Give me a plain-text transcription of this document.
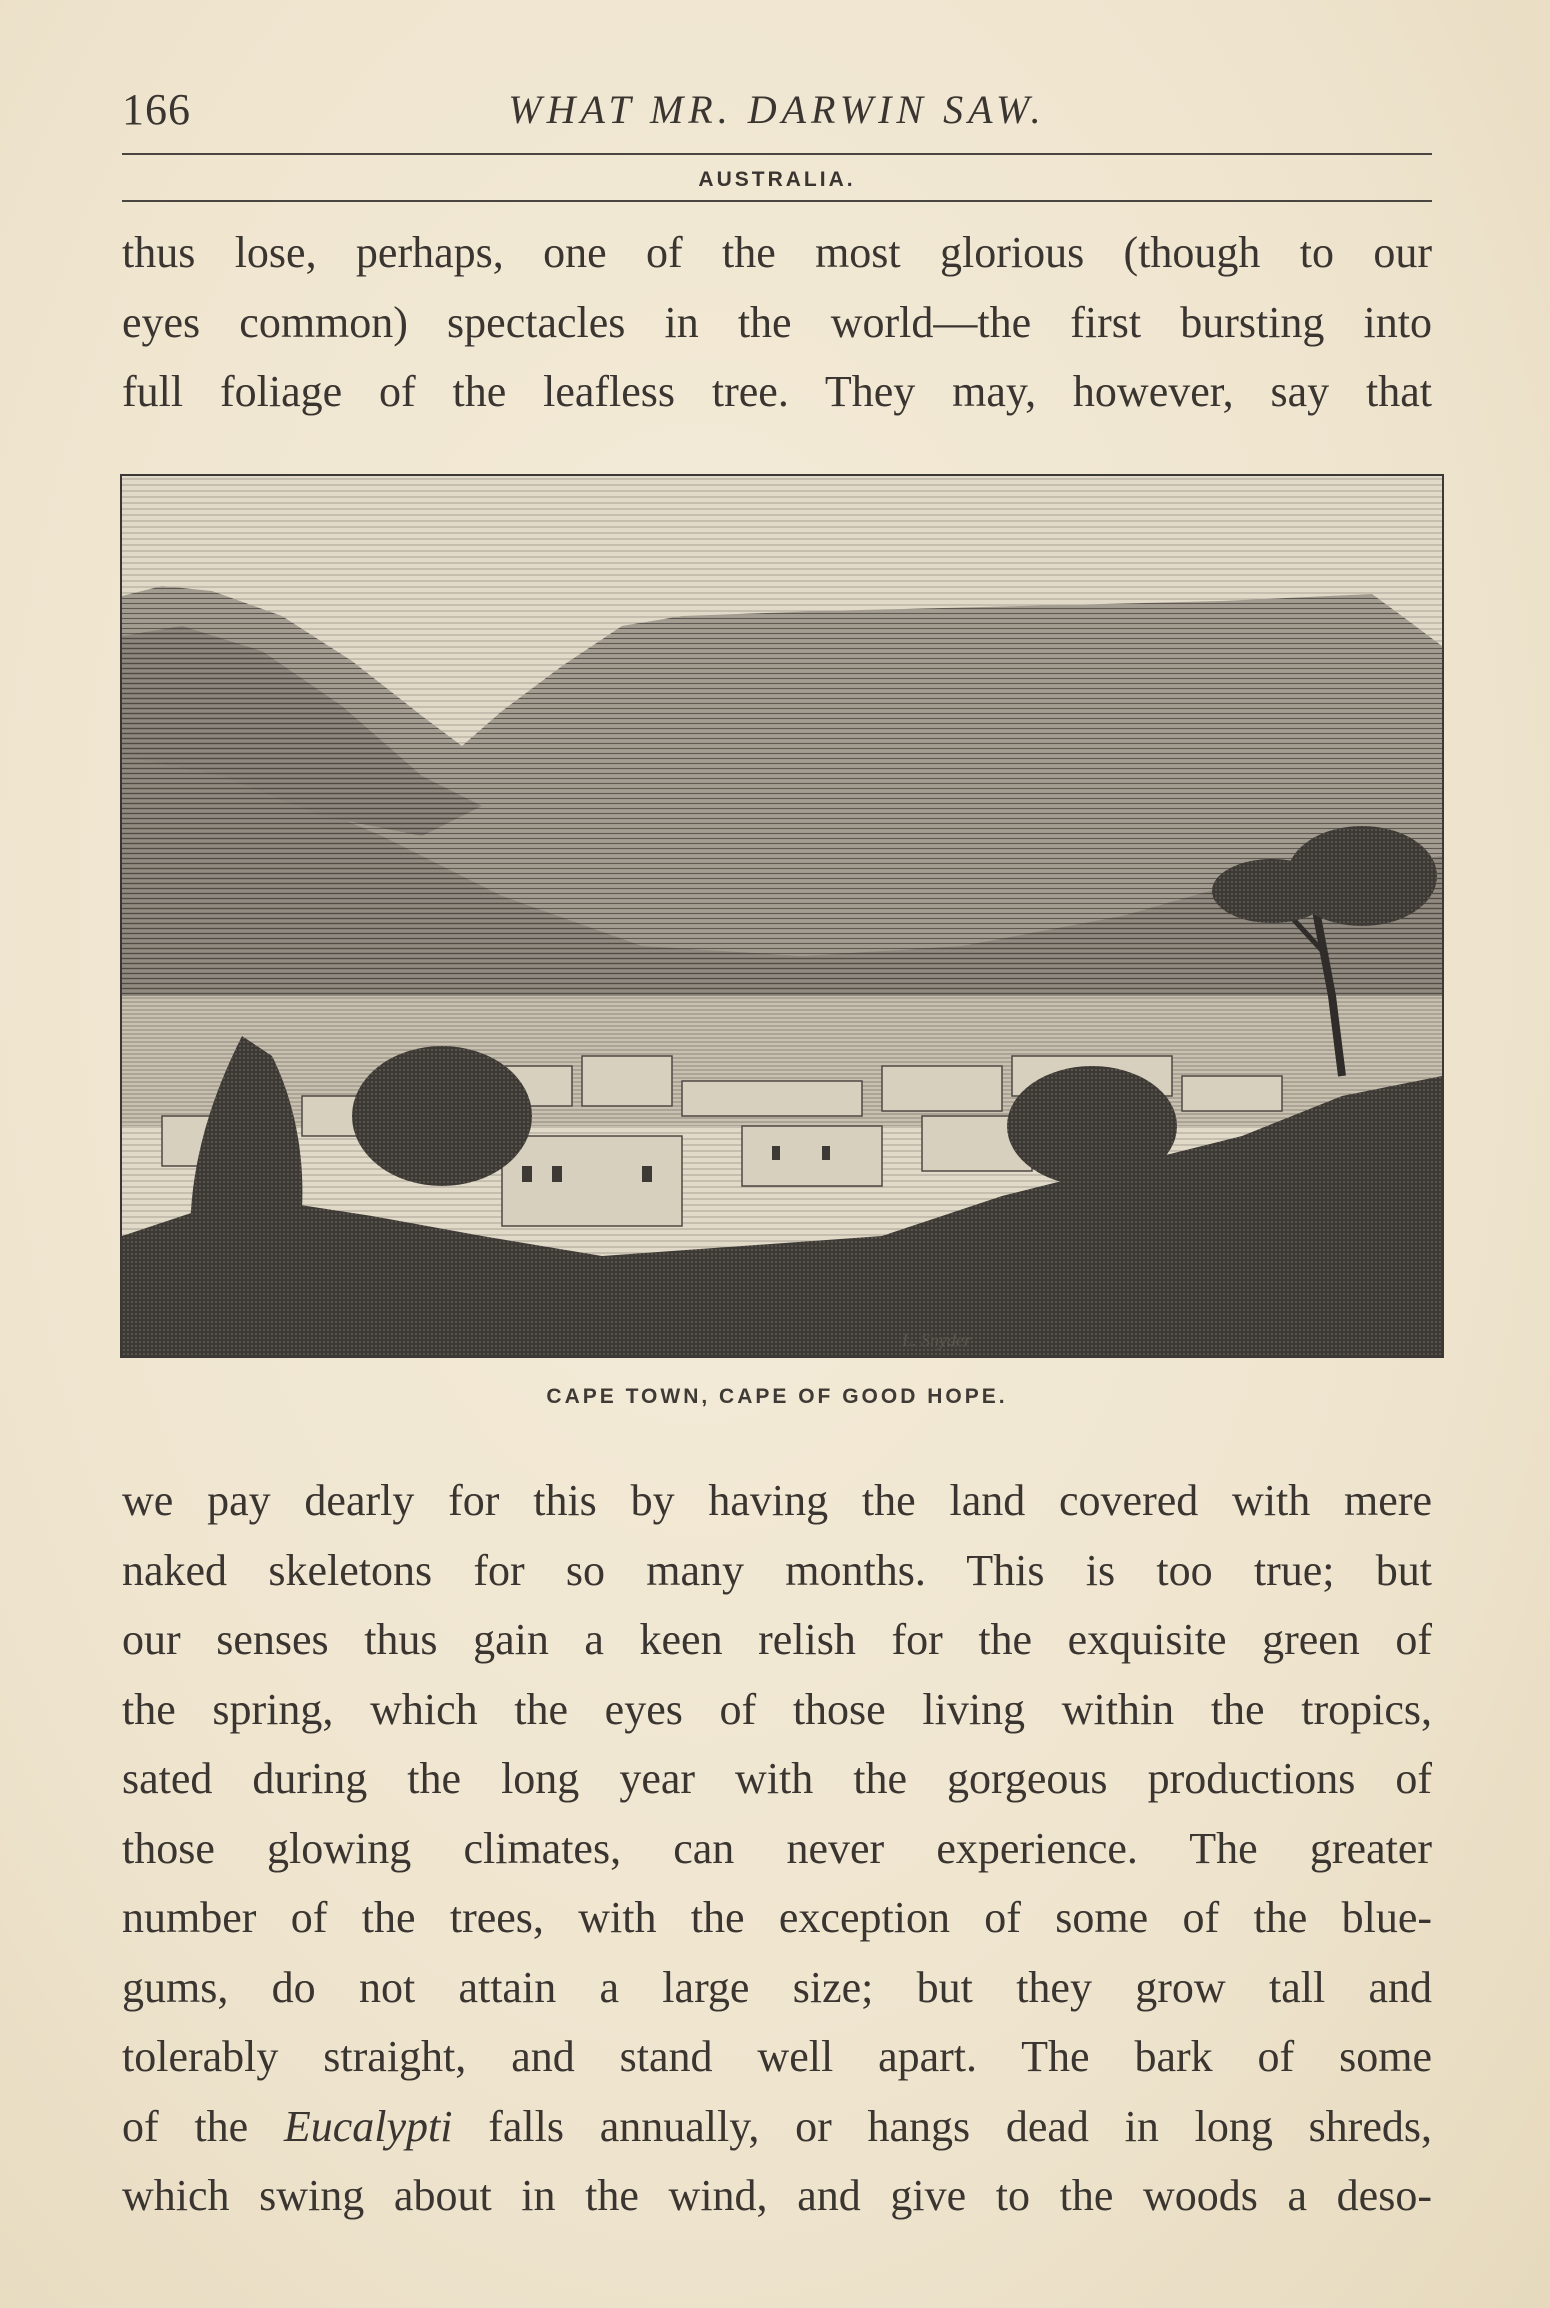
166	WHAT MR. DARWIN SAW.
AUSTRALIA.
thus lose, perhaps, one of the most glorious (though to our
eyes common) spectacles in the world—the first bursting into
full foliage of the leafless tree. They may, however, say that
L. Snyder
CAPE TOWN, CAPE OF GOOD HOPE.
we pay dearly for this by having the land covered with mere
naked skeletons for so many months. This is too true; but
our senses thus gain a keen relish for the exquisite green of
the spring, which the eyes of those living within the tropics,
sated during the long year with the gorgeous productions of
those glowing climates, can never experience. The greater
number of the trees, with the exception of some of the blue-
gums, do not attain a large size; but they grow tall and
tolerably straight, and stand well apart. The bark of some
of the Eucalypti falls annually, or hangs dead in long shreds,
which swing about in the wind, and give to the woods a deso-
